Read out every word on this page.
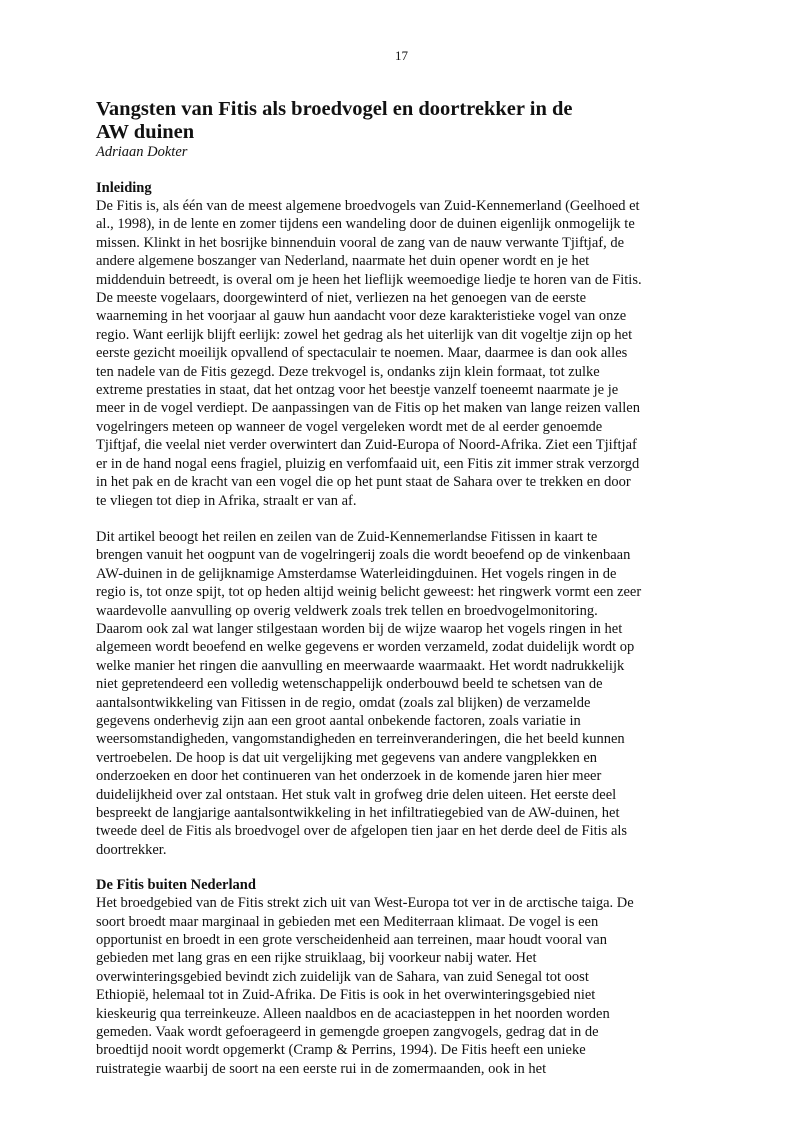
17
Vangsten van Fitis als broedvogel en doortrekker in de
AW duinen

Adriaan Dokter

Inleiding

De Fitis is, als één van de meest algemene broedvogels van Zuid-Kennemerland (Geelhoed et
al., 1998), in de lente en zomer tijdens een wandeling door de duinen eigenlijk onmogelijk te
missen. Klinkt in het bosrijke binnenduin vooral de zang van de nauw verwante Tjiftjaf, de
andere algemene boszanger van Nederland, naarmate het duin opener wordt en je het
middenduin betreedt, is overal om je heen het lieflijk weemoedige liedje te horen van de Fitis.
De meeste vogelaars, doorgewinterd of niet, verliezen na het genoegen van de eerste
waarneming in het voorjaar al gauw hun aandacht voor deze karakteristieke vogel van onze
regio. Want eerlijk blijft eerlijk: zowel het gedrag als het uiterlijk van dit vogeltje zijn op het
eerste gezicht moeilijk opvallend of spectaculair te noemen. Maar, daarmee is dan ook alles
ten nadele van de Fitis gezegd. Deze trekvogel is, ondanks zijn klein formaat, tot zulke
extreme prestaties in staat, dat het ontzag voor het beestje vanzelf toeneemt naarmate je je
meer in de vogel verdiept. De aanpassingen van de Fitis op het maken van lange reizen vallen
vogelringers meteen op wanneer de vogel vergeleken wordt met de al eerder genoemde
Tjiftjaf, die veelal niet verder overwintert dan Zuid-Europa of Noord-Afrika. Ziet een Tjiftjaf
er in de hand nogal eens fragiel, pluizig en verfomfaaid uit, een Fitis zit immer strak verzorgd
in het pak en de kracht van een vogel die op het punt staat de Sahara over te trekken en door
te vliegen tot diep in Afrika, straalt er van af.

Dit artikel beoogt het reilen en zeilen van de Zuid-Kennemerlandse Fitissen in kaart te
brengen vanuit het oogpunt van de vogelringerij zoals die wordt beoefend op de vinkenbaan
AW-duinen in de gelijknamige Amsterdamse Waterleidingduinen. Het vogels ringen in de
regio is, tot onze spijt, tot op heden altijd weinig belicht geweest: het ringwerk vormt een zeer
waardevolle aanvulling op overig veldwerk zoals trek tellen en broedvogelmonitoring.
Daarom ook zal wat langer stilgestaan worden bij de wijze waarop het vogels ringen in het
algemeen wordt beoefend en welke gegevens er worden verzameld, zodat duidelijk wordt op
welke manier het ringen die aanvulling en meerwaarde waarmaakt. Het wordt nadrukkelijk
niet gepretendeerd een volledig wetenschappelijk onderbouwd beeld te schetsen van de
aantalsontwikkeling van Fitissen in de regio, omdat (zoals zal blijken) de verzamelde
gegevens onderhevig zijn aan een groot aantal onbekende factoren, zoals variatie in
weersomstandigheden, vangomstandigheden en terreinveranderingen, die het beeld kunnen
vertroebelen. De hoop is dat uit vergelijking met gegevens van andere vangplekken en
onderzoeken en door het continueren van het onderzoek in de komende jaren hier meer
duidelijkheid over zal ontstaan. Het stuk valt in grofweg drie delen uiteen. Het eerste deel
bespreekt de langjarige aantalsontwikkeling in het infiltratiegebied van de AW-duinen, het
tweede deel de Fitis als broedvogel over de afgelopen tien jaar en het derde deel de Fitis als
doortrekker.

De Fitis buiten Nederland

Het broedgebied van de Fitis strekt zich uit van West-Europa tot ver in de arctische taiga. De
soort broedt maar marginaal in gebieden met een Mediterraan klimaat. De vogel is een
opportunist en broedt in een grote verscheidenheid aan terreinen, maar houdt vooral van
gebieden met lang gras en een rijke struiklaag, bij voorkeur nabij water. Het
overwinteringsgebied bevindt zich zuidelijk van de Sahara, van zuid Senegal tot oost
Ethiopië, helemaal tot in Zuid-Afrika. De Fitis is ook in het overwinteringsgebied niet
kieskeurig qua terreinkeuze. Alleen naaldbos en de acaciasteppen in het noorden worden
gemeden. Vaak wordt gefoerageerd in gemengde groepen zangvogels, gedrag dat in de
broedtijd nooit wordt opgemerkt (Cramp & Perrins, 1994). De Fitis heeft een unieke
ruistrategie waarbij de soort na een eerste rui in de zomermaanden, ook in het
